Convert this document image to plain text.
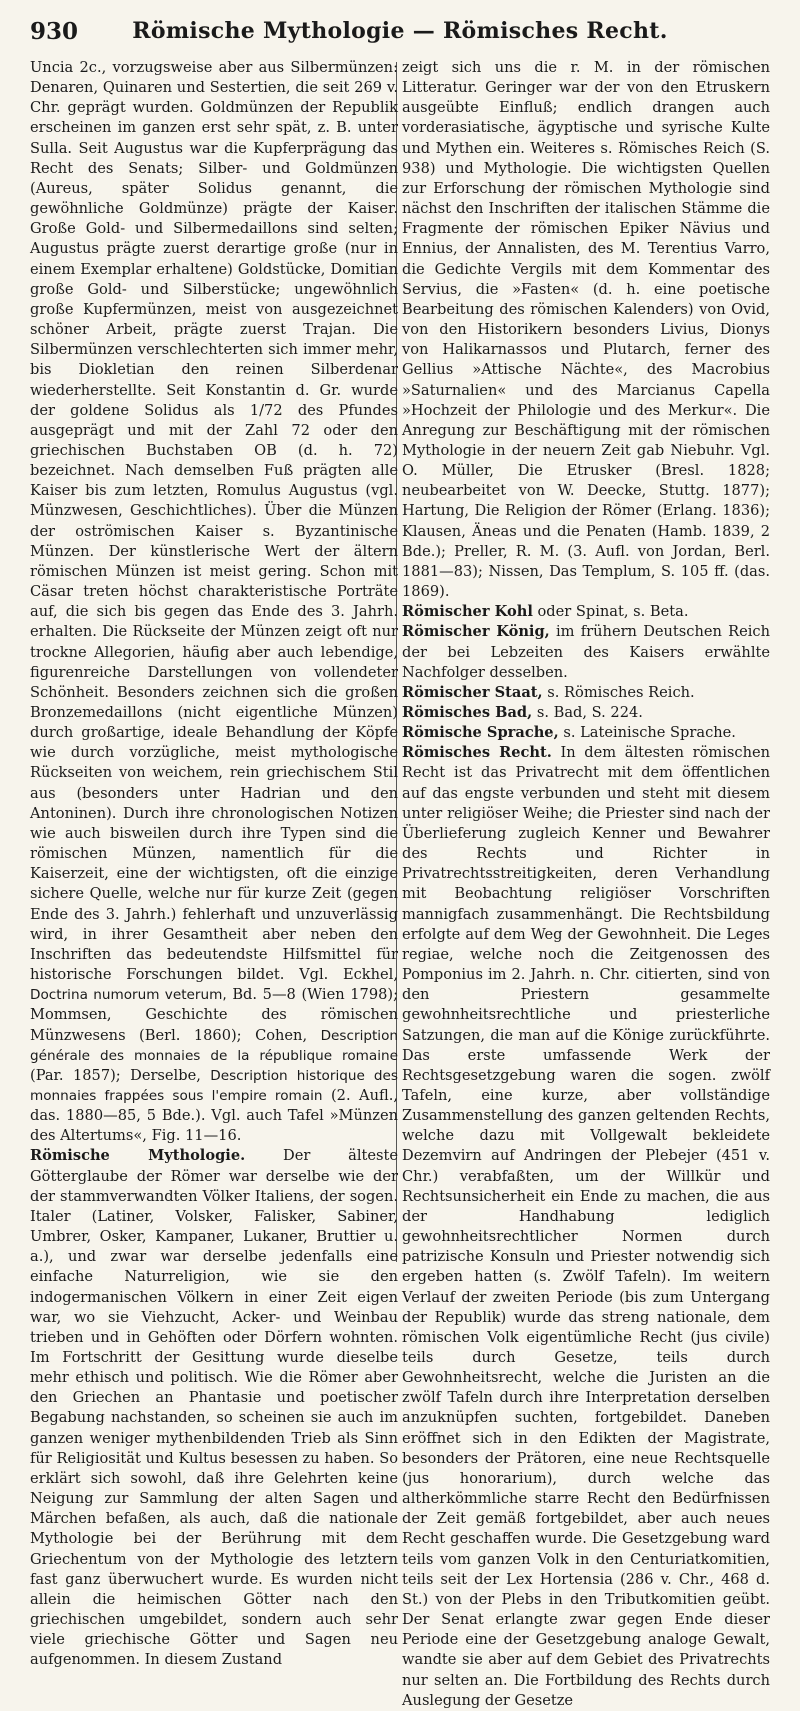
930	Römische Mythologie — Römisches Recht.

Uncia 2c., vorzugsweise aber aus Silbermünzen: Denaren, Quinaren und Sestertien, die seit 269 v. Chr. geprägt wurden. Goldmünzen der Republik erscheinen im ganzen erst sehr spät, z. B. unter Sulla. Seit Augustus war die Kupferprägung das Recht des Senats; Silber- und Goldmünzen (Aureus, später Solidus genannt, die gewöhnliche Goldmünze) prägte der Kaiser. Große Gold- und Silbermedaillons sind selten; Augustus prägte zuerst derartige große (nur in einem Exemplar erhaltene) Goldstücke, Domitian große Gold- und Silberstücke; ungewöhnlich große Kupfermünzen, meist von ausgezeichnet schöner Arbeit, prägte zuerst Trajan. Die Silbermünzen verschlechterten sich immer mehr, bis Diokletian den reinen Silberdenar wiederherstellte. Seit Konstantin d. Gr. wurde der goldene Solidus als 1/72 des Pfundes ausgeprägt und mit der Zahl 72 oder den griechischen Buchstaben OB (d. h. 72) bezeichnet. Nach demselben Fuß prägten alle Kaiser bis zum letzten, Romulus Augustus (vgl. Münzwesen, Geschichtliches). Über die Münzen der oströmischen Kaiser s. Byzantinische Münzen. Der künstlerische Wert der ältern römischen Münzen ist meist gering. Schon mit Cäsar treten höchst charakteristische Porträte auf, die sich bis gegen das Ende des 3. Jahrh. erhalten. Die Rückseite der Münzen zeigt oft nur trockne Allegorien, häufig aber auch lebendige, figurenreiche Darstellungen von vollendeter Schönheit. Besonders zeichnen sich die großen Bronzemedaillons (nicht eigentliche Münzen) durch großartige, ideale Behandlung der Köpfe wie durch vorzügliche, meist mythologische Rückseiten von weichem, rein griechischem Stil aus (besonders unter Hadrian und den Antoninen). Durch ihre chronologischen Notizen wie auch bisweilen durch ihre Typen sind die römischen Münzen, namentlich für die Kaiserzeit, eine der wichtigsten, oft die einzige sichere Quelle, welche nur für kurze Zeit (gegen Ende des 3. Jahrh.) fehlerhaft und unzuverlässig wird, in ihrer Gesamtheit aber neben den Inschriften das bedeutendste Hilfsmittel für historische Forschungen bildet. Vgl. Eckhel, Doctrina numorum veterum, Bd. 5—8 (Wien 1798); Mommsen, Geschichte des römischen Münzwesens (Berl. 1860); Cohen, Description générale des monnaies de la république romaine (Par. 1857); Derselbe, Description historique des monnaies frappées sous l'empire romain (2. Aufl., das. 1880—85, 5 Bde.). Vgl. auch Tafel »Münzen des Altertums«, Fig. 11—16.

Römische Mythologie.	Der älteste Götterglaube der Römer war derselbe wie der der stammverwandten Völker Italiens, der sogen. Italer (Latiner, Volsker, Falisker, Sabiner, Umbrer, Osker, Kampaner, Lukaner, Bruttier u. a.), und zwar war derselbe jedenfalls eine einfache Naturreligion, wie sie den indogermanischen Völkern in einer Zeit eigen war, wo sie Viehzucht, Acker- und Weinbau trieben und in Gehöften oder Dörfern wohnten. Im Fortschritt der Gesittung wurde dieselbe mehr ethisch und politisch. Wie die Römer aber den Griechen an Phantasie und poetischer Begabung nachstanden, so scheinen sie auch im ganzen weniger mythenbildenden Trieb als Sinn für Religiosität und Kultus besessen zu haben. So erklärt sich sowohl, daß ihre Gelehrten keine Neigung zur Sammlung der alten Sagen und Märchen befaßen, als auch, daß die nationale Mythologie bei der Berührung mit dem Griechentum von der Mythologie des letztern fast ganz überwuchert wurde. Es wurden nicht allein die heimischen Götter nach den griechischen umgebildet, sondern auch sehr viele griechische Götter und Sagen neu aufgenommen. In diesem Zustand

zeigt sich uns die r. M. in der römischen Litteratur. Geringer war der von den Etruskern ausgeübte Einfluß; endlich drangen auch vorderasiatische, ägyptische und syrische Kulte und Mythen ein. Weiteres s. Römisches Reich (S. 938) und Mythologie. Die wichtigsten Quellen zur Erforschung der römischen Mythologie sind nächst den Inschriften der italischen Stämme die Fragmente der römischen Epiker Nävius und Ennius, der Annalisten, des M. Terentius Varro, die Gedichte Vergils mit dem Kommentar des Servius, die »Fasten« (d. h. eine poetische Bearbeitung des römischen Kalenders) von Ovid, von den Historikern besonders Livius, Dionys von Halikarnassos und Plutarch, ferner des Gellius »Attische Nächte«, des Macrobius »Saturnalien« und des Marcianus Capella »Hochzeit der Philologie und des Merkur«. Die Anregung zur Beschäftigung mit der römischen Mythologie in der neuern Zeit gab Niebuhr. Vgl. O. Müller, Die Etrusker (Bresl. 1828; neubearbeitet von W. Deecke, Stuttg. 1877); Hartung, Die Religion der Römer (Erlang. 1836); Klausen, Äneas und die Penaten (Hamb. 1839, 2 Bde.); Preller, R. M. (3. Aufl. von Jordan, Berl. 1881—83); Nissen, Das Templum, S. 105 ff. (das. 1869).

Römischer Kohl oder Spinat, s. Beta.

Römischer König, im frühern Deutschen Reich der bei Lebzeiten des Kaisers erwählte Nachfolger desselben.

Römischer Staat, s. Römisches Reich.

Römisches Bad, s. Bad, S. 224.

Römische Sprache, s. Lateinische Sprache.

Römisches Recht. In dem ältesten römischen Recht ist das Privatrecht mit dem öffentlichen auf das engste verbunden und steht mit diesem unter religiöser Weihe; die Priester sind nach der Überlieferung zugleich Kenner und Bewahrer des Rechts und Richter in Privatrechtsstreitigkeiten, deren Verhandlung mit Beobachtung religiöser Vorschriften mannigfach zusammenhängt. Die Rechtsbildung erfolgte auf dem Weg der Gewohnheit. Die Leges regiae, welche noch die Zeitgenossen des Pomponius im 2. Jahrh. n. Chr. citierten, sind von den Priestern gesammelte gewohnheitsrechtliche und priesterliche Satzungen, die man auf die Könige zurückführte. Das erste umfassende Werk der Rechtsgesetzgebung waren die sogen. zwölf Tafeln, eine kurze, aber vollständige Zusammenstellung des ganzen geltenden Rechts, welche dazu mit Vollgewalt bekleidete Dezemvirn auf Andringen der Plebejer (451 v. Chr.) verabfaßten, um der Willkür und Rechtsunsicherheit ein Ende zu machen, die aus der Handhabung lediglich gewohnheitsrechtlicher Normen durch patrizische Konsuln und Priester notwendig sich ergeben hatten (s. Zwölf Tafeln). Im weitern Verlauf der zweiten Periode (bis zum Untergang der Republik) wurde das streng nationale, dem römischen Volk eigentümliche Recht (jus civile) teils durch Gesetze, teils durch Gewohnheitsrecht, welche die Juristen an die zwölf Tafeln durch ihre Interpretation derselben anzuknüpfen suchten, fortgebildet. Daneben eröffnet sich in den Edikten der Magistrate, besonders der Prätoren, eine neue Rechtsquelle (jus honorarium), durch welche das altherkömmliche starre Recht den Bedürfnissen der Zeit gemäß fortgebildet, aber auch neues Recht geschaffen wurde. Die Gesetzgebung ward teils vom ganzen Volk in den Centuriatkomitien, teils seit der Lex Hortensia (286 v. Chr., 468 d. St.) von der Plebs in den Tributkomitien geübt. Der Senat erlangte zwar gegen Ende dieser Periode eine der Gesetzgebung analoge Gewalt, wandte sie aber auf dem Gebiet des Privatrechts nur selten an. Die Fortbildung des Rechts durch Auslegung der Gesetze
